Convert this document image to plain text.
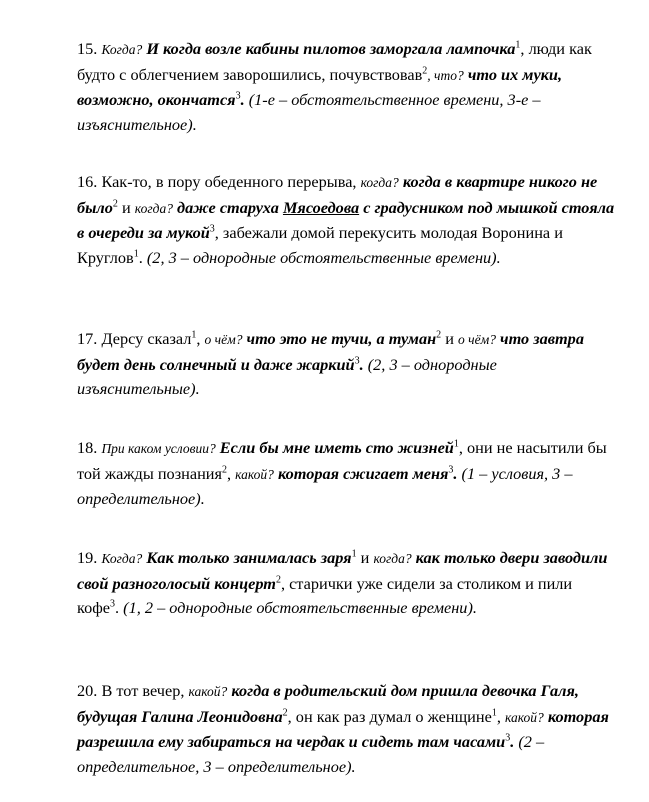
15. Когда? И когда возле кабины пилотов заморгала лампочка$^1$, люди как будто с облегчением заворошились, почувствовав$^2$, что? что их муки, возможно, окончатся$^3$. (1-е – обстоятельственное времени, 3-е – изъяснительное).

16. Как-то, в пору обеденного перерыва, когда? когда в квартире никого не было$^2$ и когда? даже старуха Мясоедова с градусником под мышкой стояла в очереди за мукой$^3$, забежали домой перекусить молодая Воронина и Круглов$^1$. (2, 3 – однородные обстоятельственные времени).

17. Дерсу сказал$^1$, о чём? что это не тучи, а туман$^2$ и о чём? что завтра будет день солнечный и даже жаркий$^3$. (2, 3 – однородные изъяснительные).

18. При каком условии? Если бы мне иметь сто жизней$^1$, они не насытили бы той жажды познания$^2$, какой? которая сжигает меня$^3$. (1 – условия, 3 – определительное).

19. Когда? Как только занималась заря$^1$ и когда? как только двери заводили свой разноголосый концерт$^2$, старички уже сидели за столиком и пили кофе$^3$. (1, 2 – однородные обстоятельственные времени).

20. В тот вечер, какой? когда в родительский дом пришла девочка Галя, будущая Галина Леонидовна$^2$, он как раз думал о женщине$^1$, какой? которая разрешила ему забираться на чердак и сидеть там часами$^3$. (2 – определительное, 3 – определительное).
